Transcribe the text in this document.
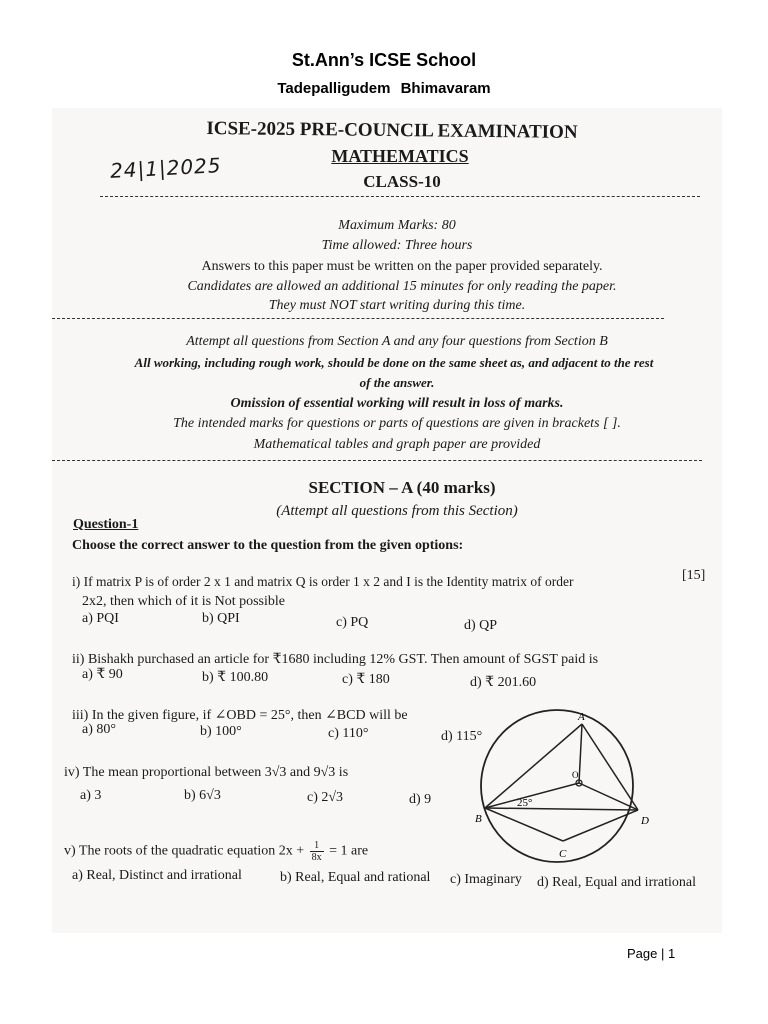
St.Ann’s ICSE School
Tadepalligudem Bhimavaram
24|1|2025
ICSE-2025 PRE-COUNCIL EXAMINATION
MATHEMATICS
CLASS-10
Maximum Marks: 80
Time allowed: Three hours
Answers to this paper must be written on the paper provided separately.
Candidates are allowed an additional 15 minutes for only reading the paper.
They must NOT start writing during this time.
Attempt all questions from Section A and any four questions from Section B
All working, including rough work, should be done on the same sheet as, and adjacent to the rest
of the answer.
Omission of essential working will result in loss of marks.
The intended marks for questions or parts of questions are given in brackets [ ].
Mathematical tables and graph paper are provided
SECTION – A (40 marks)
(Attempt all questions from this Section)
Question-1
Choose the correct answer to the question from the given options:
[15]
i) If matrix P is of order 2 x 1 and matrix Q is order 1 x 2 and I is the Identity matrix of order
2x2, then which of it is Not possible
a) PQI	b) QPI	c) PQ	d) QP
ii) Bishakh purchased an article for ₹1680 including 12% GST. Then amount of SGST paid is
a) ₹ 90	b) ₹ 100.80	c) ₹ 180	d) ₹ 201.60
iii) In the given figure, if ∠OBD = 25°, then ∠BCD will be
a) 80°	b) 100°	c) 110°	d) 115°
iv) The mean proportional between 3√3 and 9√3 is
a) 3	b) 6√3	c) 2√3	d) 9
v) The roots of the quadratic equation $2x + \frac{1}{8x} = 1$ are
a) Real, Distinct and irrational	b) Real, Equal and rational c) Imaginary d) Real, Equal and irrational
A
B
C
D
O
25°
Page | 1
